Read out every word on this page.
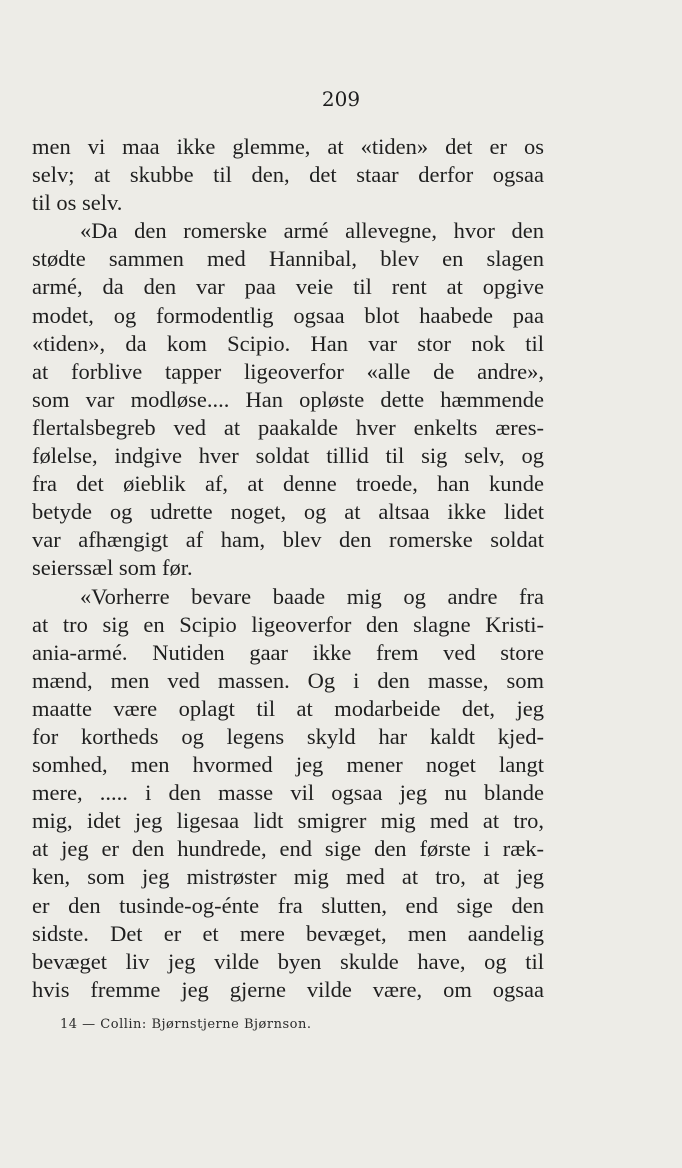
209
men vi maa ikke glemme, at «tiden» det er os
selv; at skubbe til den, det staar derfor ogsaa
til os selv.
«Da den romerske armé allevegne, hvor den
stødte sammen med Hannibal, blev en slagen
armé, da den var paa veie til rent at opgive
modet, og formodentlig ogsaa blot haabede paa
«tiden», da kom Scipio. Han var stor nok til
at forblive tapper ligeoverfor «alle de andre»,
som var modløse.... Han opløste dette hæmmende
flertalsbegreb ved at paakalde hver enkelts æres-
følelse, indgive hver soldat tillid til sig selv, og
fra det øieblik af, at denne troede, han kunde
betyde og udrette noget, og at altsaa ikke lidet
var afhængigt af ham, blev den romerske soldat
seierssæl som før.
«Vorherre bevare baade mig og andre fra
at tro sig en Scipio ligeoverfor den slagne Kristi-
ania-armé. Nutiden gaar ikke frem ved store
mænd, men ved massen. Og i den masse, som
maatte være oplagt til at modarbeide det, jeg
for kortheds og legens skyld har kaldt kjed-
somhed, men hvormed jeg mener noget langt
mere, ..... i den masse vil ogsaa jeg nu blande
mig, idet jeg ligesaa lidt smigrer mig med at tro,
at jeg er den hundrede, end sige den første i ræk-
ken, som jeg mistrøster mig med at tro, at jeg
er den tusinde-og-énte fra slutten, end sige den
sidste. Det er et mere bevæget, men aandelig
bevæget liv jeg vilde byen skulde have, og til
hvis fremme jeg gjerne vilde være, om ogsaa
14 — Collin: Bjørnstjerne Bjørnson.
